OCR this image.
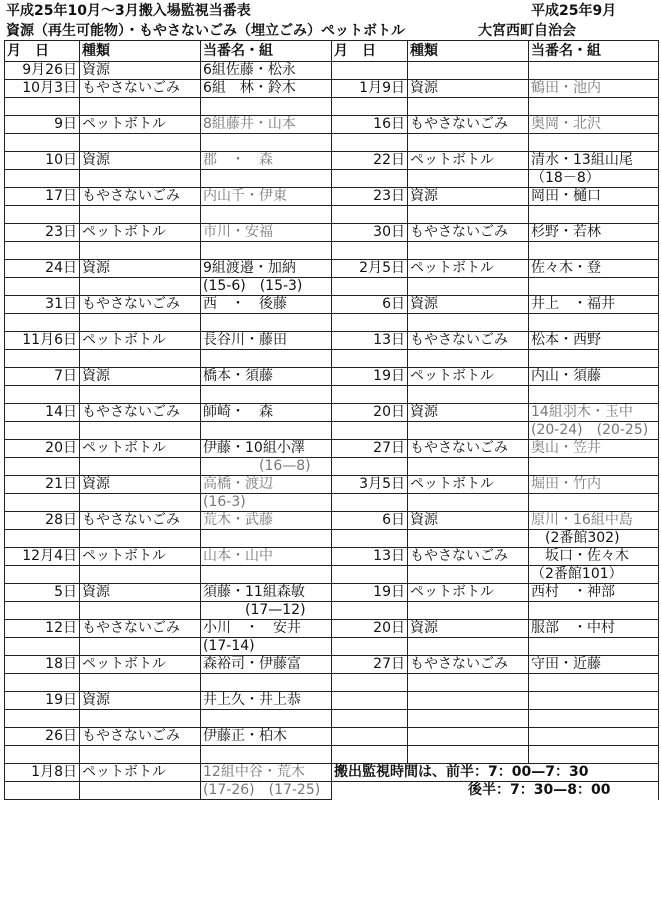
平成25年10月～3月搬入場監視当番表	平成25年9月
資源（再生可能物）・もやさないごみ（埋立ごみ）ペットボトル	大宮西町自治会
月　日	種類	当番名・組	月　日	種類	当番名・組
9月26日	資源	6組佐藤・松永			
10月3日	もやさないごみ	6組　林・鈴木	1月9日	資源	鶴田・池内

9日	ペットボトル	8組藤井・山本	16日	もやさないごみ	奥岡・北沢

10日	資源	郡　・　森	22日	ペットボトル	清水・13組山尾
					（18－8）
17日	もやさないごみ	内山千・伊東	23日	資源	岡田・樋口

23日	ペットボトル	市川・安福	30日	もやさないごみ	杉野・若林

24日	資源	9組渡邉・加納	2月5日	ペットボトル	佐々木・登
		(15-6)　(15-3)			
31日	もやさないごみ	西　・　後藤	6日	資源	井上　・福井

11月6日	ペットボトル	長谷川・藤田	13日	もやさないごみ	松本・西野

7日	資源	橋本・須藤	19日	ペットボトル	内山・須藤

14日	もやさないごみ	師崎・　森	20日	資源	14組羽木・玉中
					(20-24)　(20-25)
20日	ペットボトル	伊藤・10組小澤	27日	もやさないごみ	奥山・笠井
		　　　　(16—8)			
21日	資源	高橋・渡辺	3月5日	ペットボトル	堀田・竹内
		(16-3)			
28日	もやさないごみ	荒木・武藤	6日	資源	原川・16組中島
					　(2番館302)
12月4日	ペットボトル	山本・山中	13日	もやさないごみ	　坂口・佐々木
					（2番館101）
5日	資源	須藤・11組森敏	19日	ペットボトル	西村　・神部
		　　　(17—12)			
12日	もやさないごみ	小川　・　安井	20日	資源	服部　・中村
		(17-14)			
18日	ペットボトル	森裕司・伊藤富	27日	もやさないごみ	守田・近藤

19日	資源	井上久・井上恭			

26日	もやさないごみ	伊藤正・柏木			

1月8日	ペットボトル	12組中谷・荒木	搬出監視時間は、前半：7：00—7：30		
		(17-26)　(17-25)	後半：7：30—8：00		
